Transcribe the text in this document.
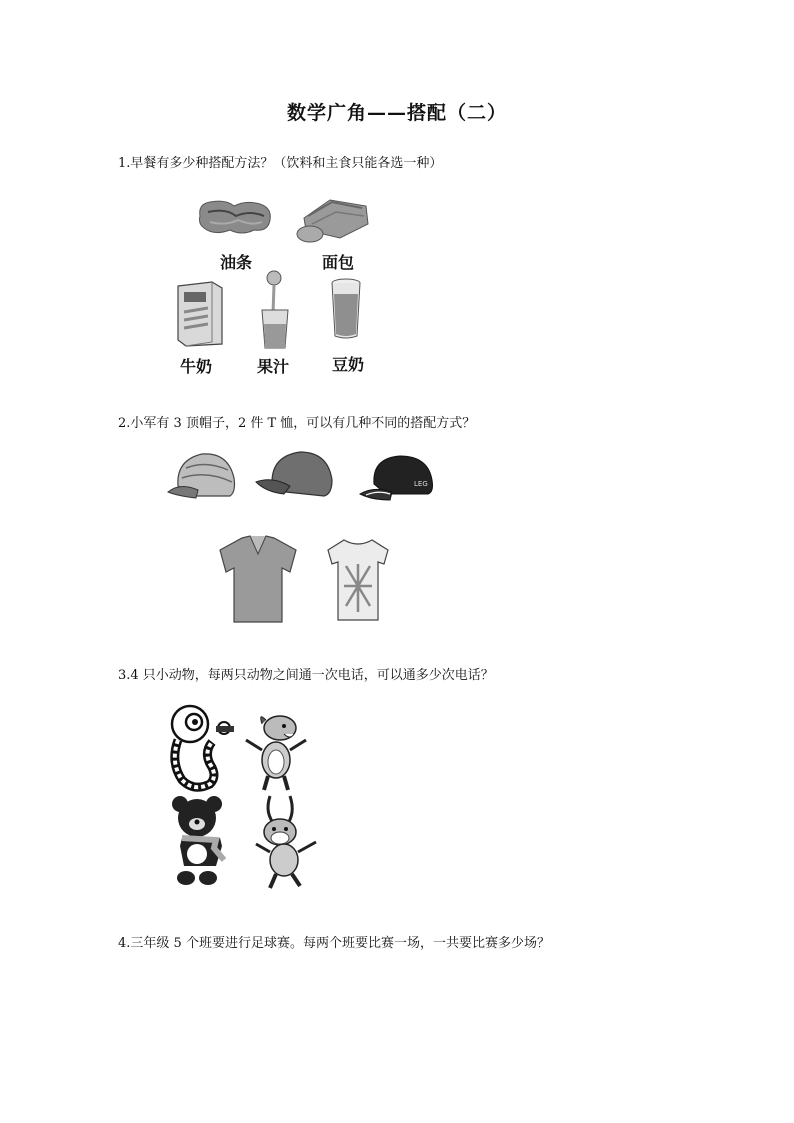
数学广角——搭配（二）
1.早餐有多少种搭配方法？（饮料和主食只能各选一种）
油条	面包
牛奶	果汁	豆奶
2.小军有 3 顶帽子，2 件 T 恤，可以有几种不同的搭配方式？
LEG
3.4 只小动物，每两只动物之间通一次电话，可以通多少次电话？
4.三年级 5 个班要进行足球赛。每两个班要比赛一场，一共要比赛多少场？
